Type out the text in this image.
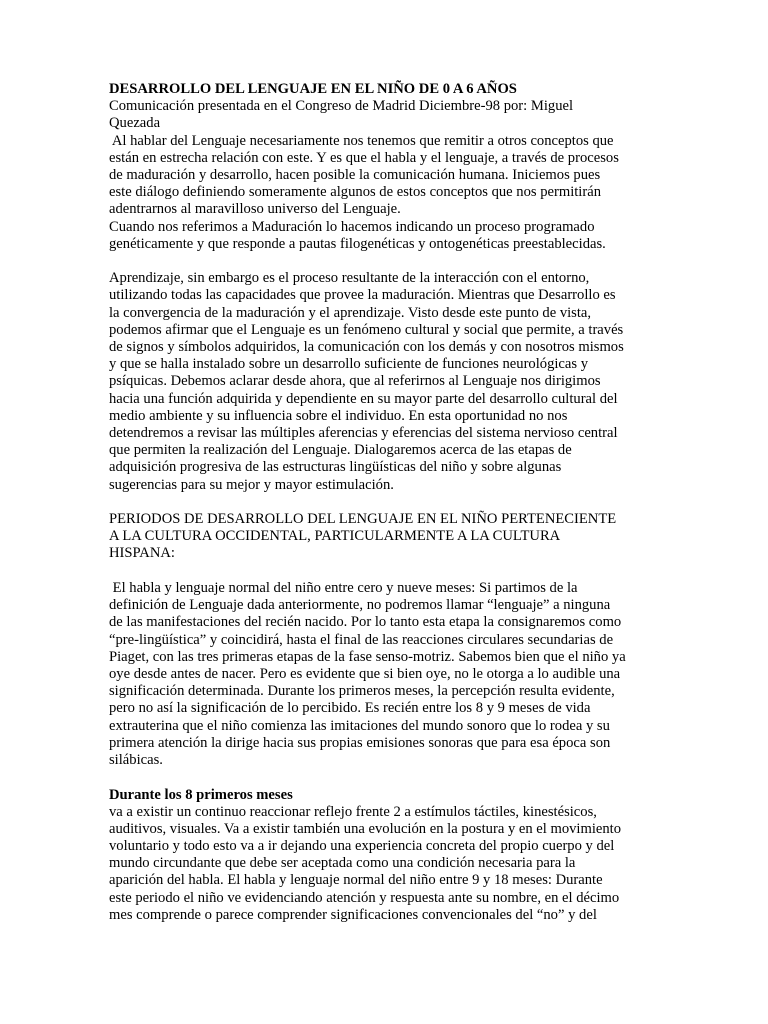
DESARROLLO DEL LENGUAJE EN EL NIÑO DE 0 A 6 AÑOS
Comunicación presentada en el Congreso de Madrid Diciembre-98 por: Miguel
Quezada
Al hablar del Lenguaje necesariamente nos tenemos que remitir a otros conceptos que
están en estrecha relación con este. Y es que el habla y el lenguaje, a través de procesos
de maduración y desarrollo, hacen posible la comunicación humana. Iniciemos pues
este diálogo definiendo someramente algunos de estos conceptos que nos permitirán
adentrarnos al maravilloso universo del Lenguaje.
Cuando nos referimos a Maduración lo hacemos indicando un proceso programado
genéticamente y que responde a pautas filogenéticas y ontogenéticas preestablecidas.
Aprendizaje, sin embargo es el proceso resultante de la interacción con el entorno,
utilizando todas las capacidades que provee la maduración. Mientras que Desarrollo es
la convergencia de la maduración y el aprendizaje. Visto desde este punto de vista,
podemos afirmar que el Lenguaje es un fenómeno cultural y social que permite, a través
de signos y símbolos adquiridos, la comunicación con los demás y con nosotros mismos
y que se halla instalado sobre un desarrollo suficiente de funciones neurológicas y
psíquicas. Debemos aclarar desde ahora, que al referirnos al Lenguaje nos dirigimos
hacia una función adquirida y dependiente en su mayor parte del desarrollo cultural del
medio ambiente y su influencia sobre el individuo. En esta oportunidad no nos
detendremos a revisar las múltiples aferencias y eferencias del sistema nervioso central
que permiten la realización del Lenguaje. Dialogaremos acerca de las etapas de
adquisición progresiva de las estructuras lingüísticas del niño y sobre algunas
sugerencias para su mejor y mayor estimulación.
PERIODOS DE DESARROLLO DEL LENGUAJE EN EL NIÑO PERTENECIENTE
A LA CULTURA OCCIDENTAL, PARTICULARMENTE A LA CULTURA
HISPANA:
El habla y lenguaje normal del niño entre cero y nueve meses: Si partimos de la
definición de Lenguaje dada anteriormente, no podremos llamar “lenguaje” a ninguna
de las manifestaciones del recién nacido. Por lo tanto esta etapa la consignaremos como
“pre-lingüística” y coincidirá, hasta el final de las reacciones circulares secundarias de
Piaget, con las tres primeras etapas de la fase senso-motriz. Sabemos bien que el niño ya
oye desde antes de nacer. Pero es evidente que si bien oye, no le otorga a lo audible una
significación determinada. Durante los primeros meses, la percepción resulta evidente,
pero no así la significación de lo percibido. Es recién entre los 8 y 9 meses de vida
extrauterina que el niño comienza las imitaciones del mundo sonoro que lo rodea y su
primera atención la dirige hacia sus propias emisiones sonoras que para esa época son
silábicas.
Durante los 8 primeros meses
va a existir un continuo reaccionar reflejo frente 2 a estímulos táctiles, kinestésicos,
auditivos, visuales. Va a existir también una evolución en la postura y en el movimiento
voluntario y todo esto va a ir dejando una experiencia concreta del propio cuerpo y del
mundo circundante que debe ser aceptada como una condición necesaria para la
aparición del habla. El habla y lenguaje normal del niño entre 9 y 18 meses: Durante
este periodo el niño ve evidenciando atención y respuesta ante su nombre, en el décimo
mes comprende o parece comprender significaciones convencionales del “no” y del
